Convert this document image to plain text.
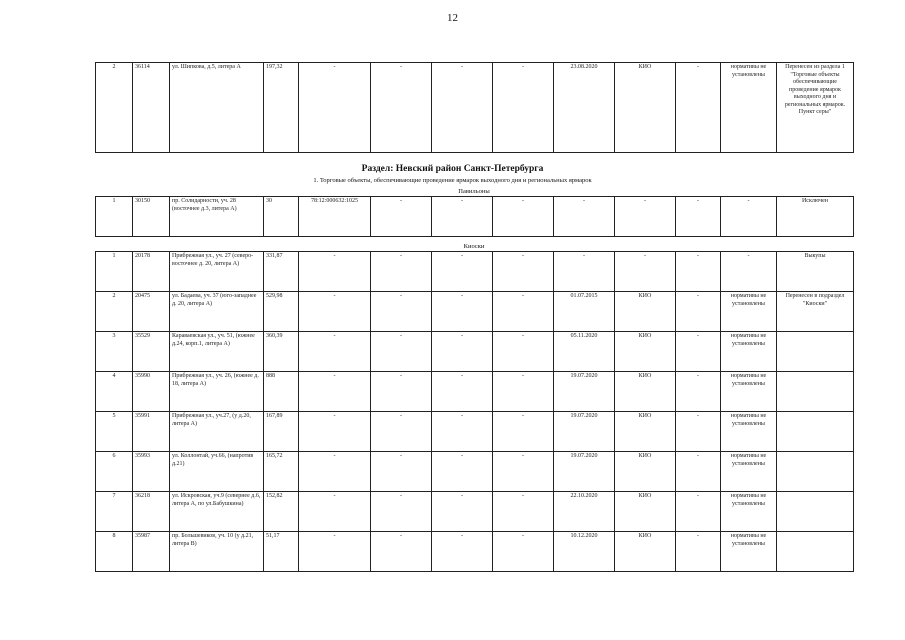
12
2	36114	ул. Шипкова, д.5, литера А	197,32	-	-	-	-	23.08.2020	КИО	-	нормативы не установлены	Перенесен из раздела 1 "Торговые объекты обеспечивающие проведение ярмарок выходного дня и региональных ярмарок. Пункт серы"
Раздел: Невский район Санкт-Петербурга
1. Торговые объекты, обеспечивающие проведение ярмарок выходного дня и региональных ярмарок
Павильоны
1	30150	пр. Солидарности, уч. 28 (восточнее д.3, литера А)	30	78:12:000632:1025	-	-	-	-	-	-	-	Исключен
Киоски
1	20178	Прибрежная ул., уч. 27 (северо-восточнее д. 20, литера А)	331,87	-	-	-	-	-	-	-	-	Выкупы
2	20475	ул. Бадаева, уч. 37 (юго-западнее д. 20, литера А)	529,98	-	-	-	-	01.07.2015	КИО	-	нормативы не установлены	Перенесен в подраздел "Киоски"
3	35529	Караваевская ул., уч. 51, (южнее д.24, корп.1, литера А)	360,39	-	-	-	-	05.11.2020	КИО	-	нормативы не установлены	
4	35990	Прибрежная ул., уч. 26, (южнее д. 18, литера А)	888	-	-	-	-	19.07.2020	КИО	-	нормативы не установлены	
5	35991	Прибрежная ул., уч.27, (у д.20, литера А)	167,89	-	-	-	-	19.07.2020	КИО	-	нормативы не установлены	
6	35993	ул. Коллонтай, уч.66, (напротив д.21)	165,72	-	-	-	-	19.07.2020	КИО	-	нормативы не установлены	
7	36218	ул. Искровская, уч.9 (севернее д.6, литера А, по ул.Бабушкина)	152,82	-	-	-	-	22.10.2020	КИО	-	нормативы не установлены	
8	35987	пр. Большевиков, уч. 10 (у д.21, литера В)	51,17	-	-	-	-	10.12.2020	КИО	-	нормативы не установлены	
